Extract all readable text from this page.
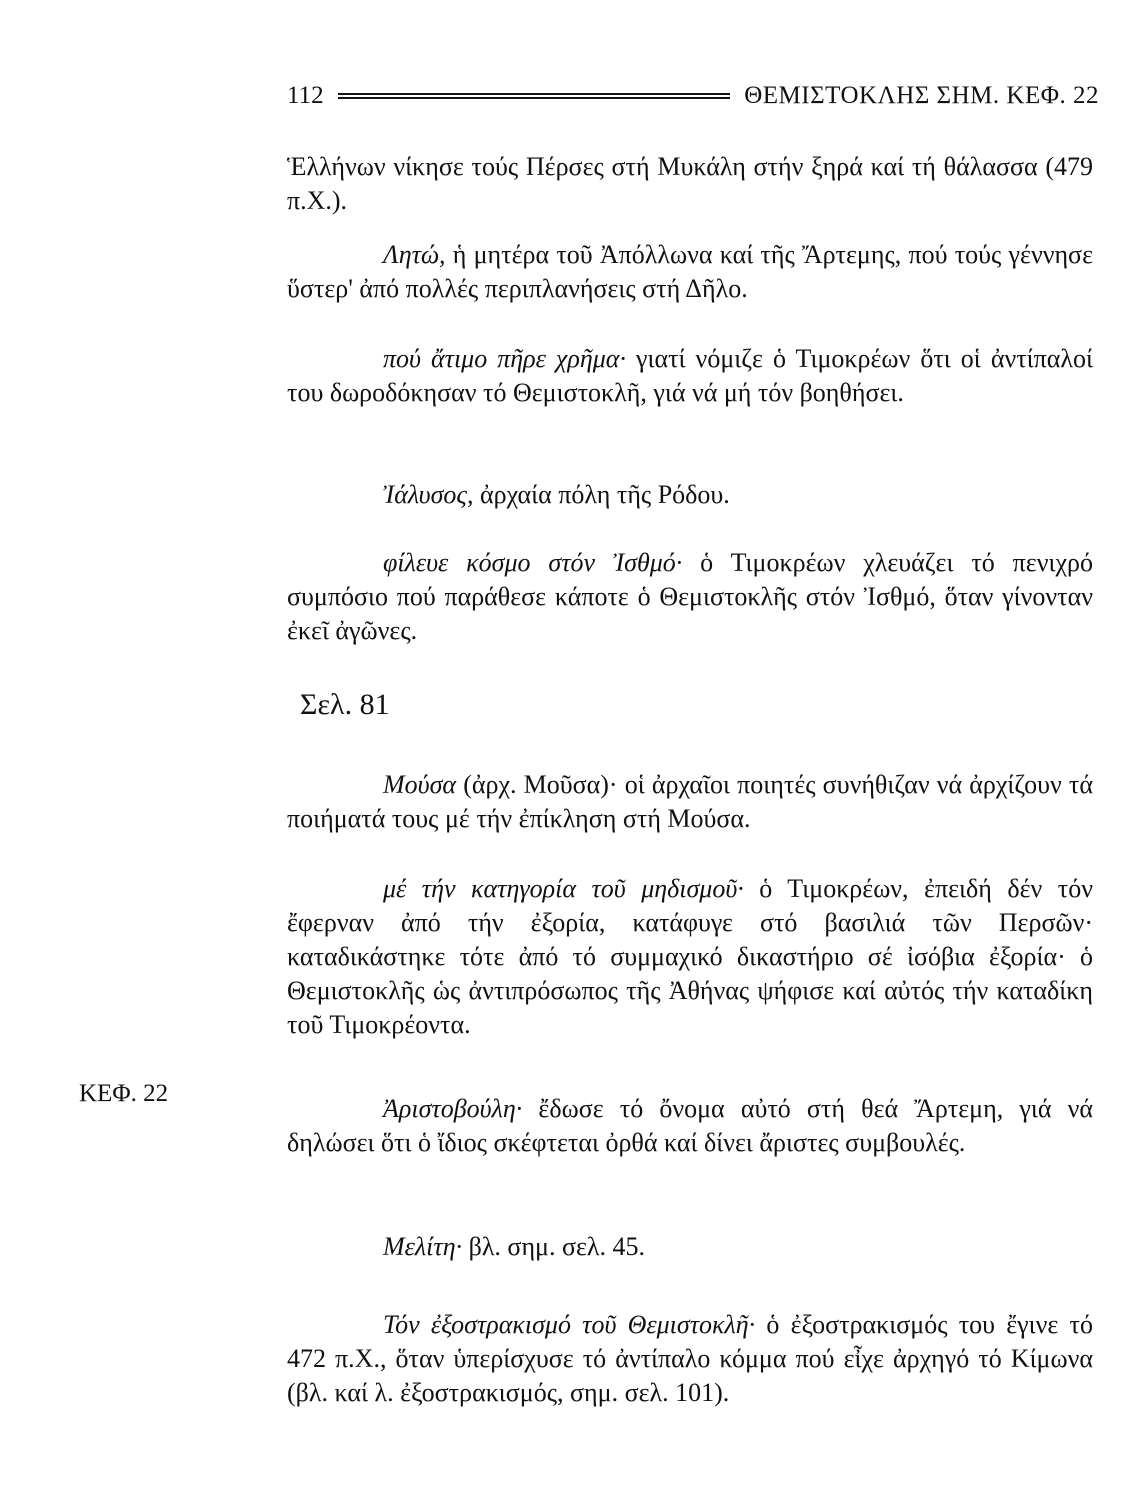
112	ΘΕΜΙΣΤΟΚΛΗΣ ΣΗΜ. ΚΕΦ. 22

Ἑλλήνων νίκησε τούς Πέρσες στή Μυκάλη στήν ξηρά καί τή θάλασσα (479 π.Χ.).

Λητώ, ἡ μητέρα τοῦ Ἀπόλλωνα καί τῆς Ἄρτεμης, πού τούς γέννησε ὕστερ' ἀπό πολλές περιπλανήσεις στή Δῆλο.

πού ἄτιμο πῆρε χρῆμα· γιατί νόμιζε ὁ Τιμοκρέων ὅτι οἱ ἀντίπαλοί του δωροδόκησαν τό Θεμιστοκλῆ, γιά νά μή τόν βοηθήσει.

Ἰάλυσος, ἀρχαία πόλη τῆς Ρόδου.

φίλευε κόσμο στόν Ἰσθμό· ὁ Τιμοκρέων χλευάζει τό πενιχρό συμπόσιο πού παράθεσε κάποτε ὁ Θεμιστοκλῆς στόν Ἰσθμό, ὅταν γίνονταν ἐκεῖ ἀγῶνες.

Σελ. 81

Μούσα (ἀρχ. Μοῦσα)· οἱ ἀρχαῖοι ποιητές συνήθιζαν νά ἀρχίζουν τά ποιήματά τους μέ τήν ἐπίκληση στή Μούσα.

μέ τήν κατηγορία τοῦ μηδισμοῦ· ὁ Τιμοκρέων, ἐπειδή δέν τόν ἔφερναν ἀπό τήν ἐξορία, κατάφυγε στό βασιλιά τῶν Περσῶν· καταδικάστηκε τότε ἀπό τό συμμαχικό δικαστήριο σέ ἰσόβια ἐξορία· ὁ Θεμιστοκλῆς ὡς ἀντιπρόσωπος τῆς Ἀθήνας ψήφισε καί αὐτός τήν καταδίκη τοῦ Τιμοκρέοντα.

ΚΕΦ. 22

Ἀριστοβούλη· ἔδωσε τό ὄνομα αὐτό στή θεά Ἄρτεμη, γιά νά δηλώσει ὅτι ὁ ἴδιος σκέφτεται ὀρθά καί δίνει ἄριστες συμβουλές.

Μελίτη· βλ. σημ. σελ. 45.

Τόν ἐξοστρακισμό τοῦ Θεμιστοκλῆ· ὁ ἐξοστρακισμός του ἔγινε τό 472 π.Χ., ὅταν ὑπερίσχυσε τό ἀντίπαλο κόμμα πού εἶχε ἀρχηγό τό Κίμωνα (βλ. καί λ. ἐξοστρακισμός, σημ. σελ. 101).
